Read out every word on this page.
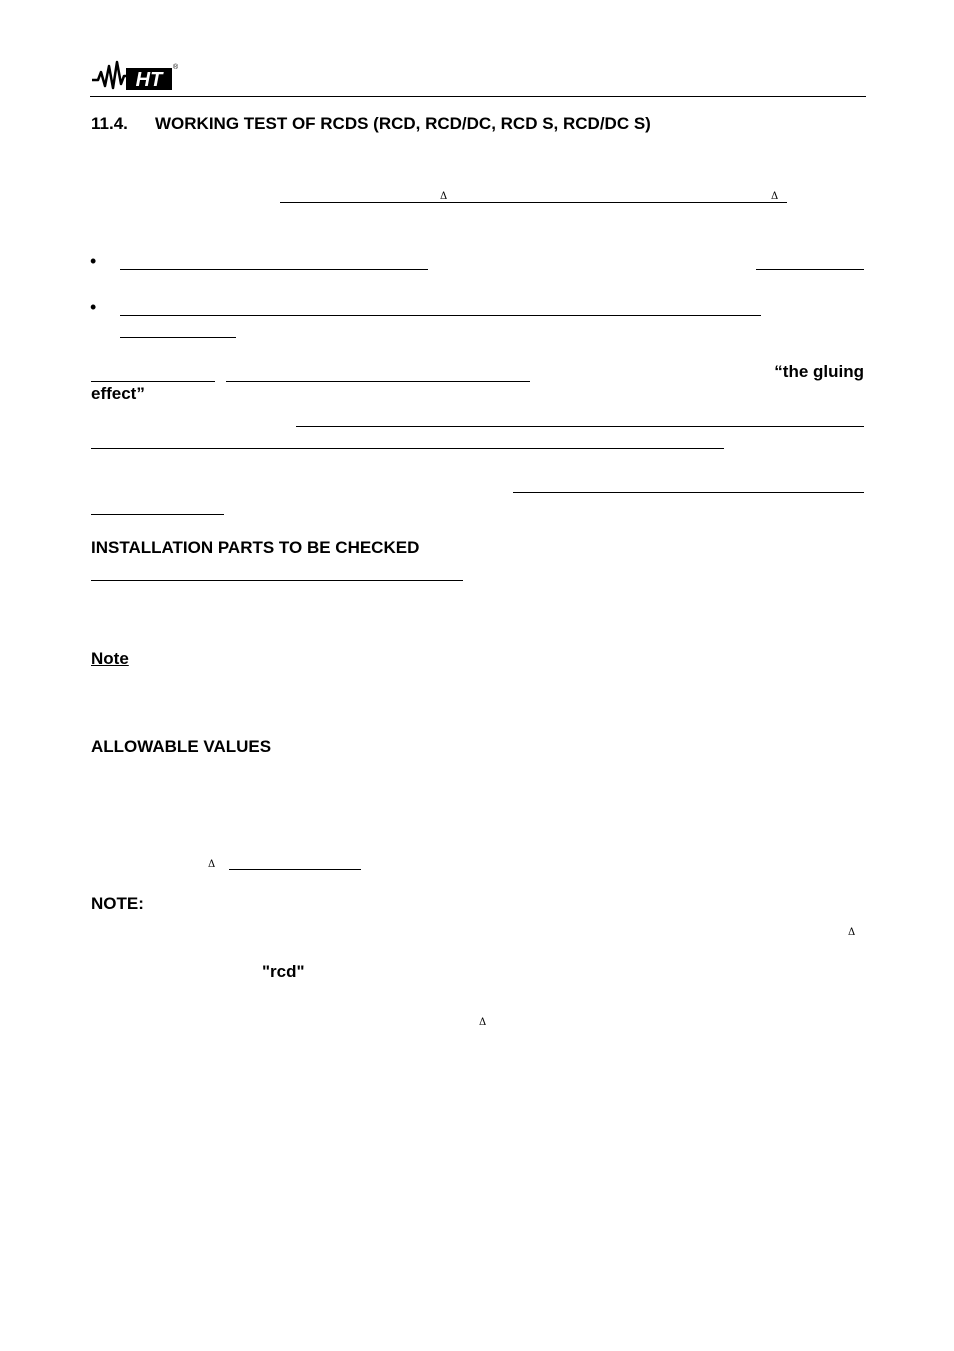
HT
®
11.4. WORKING TEST OF RCDS (RCD, RCD/DC, RCD S, RCD/DC S)
Δ	Δ
•
•
“the gluing
effect”
INSTALLATION PARTS TO BE CHECKED
Note
ALLOWABLE VALUES
Δ
NOTE:
Δ
"rcd"
Δ
